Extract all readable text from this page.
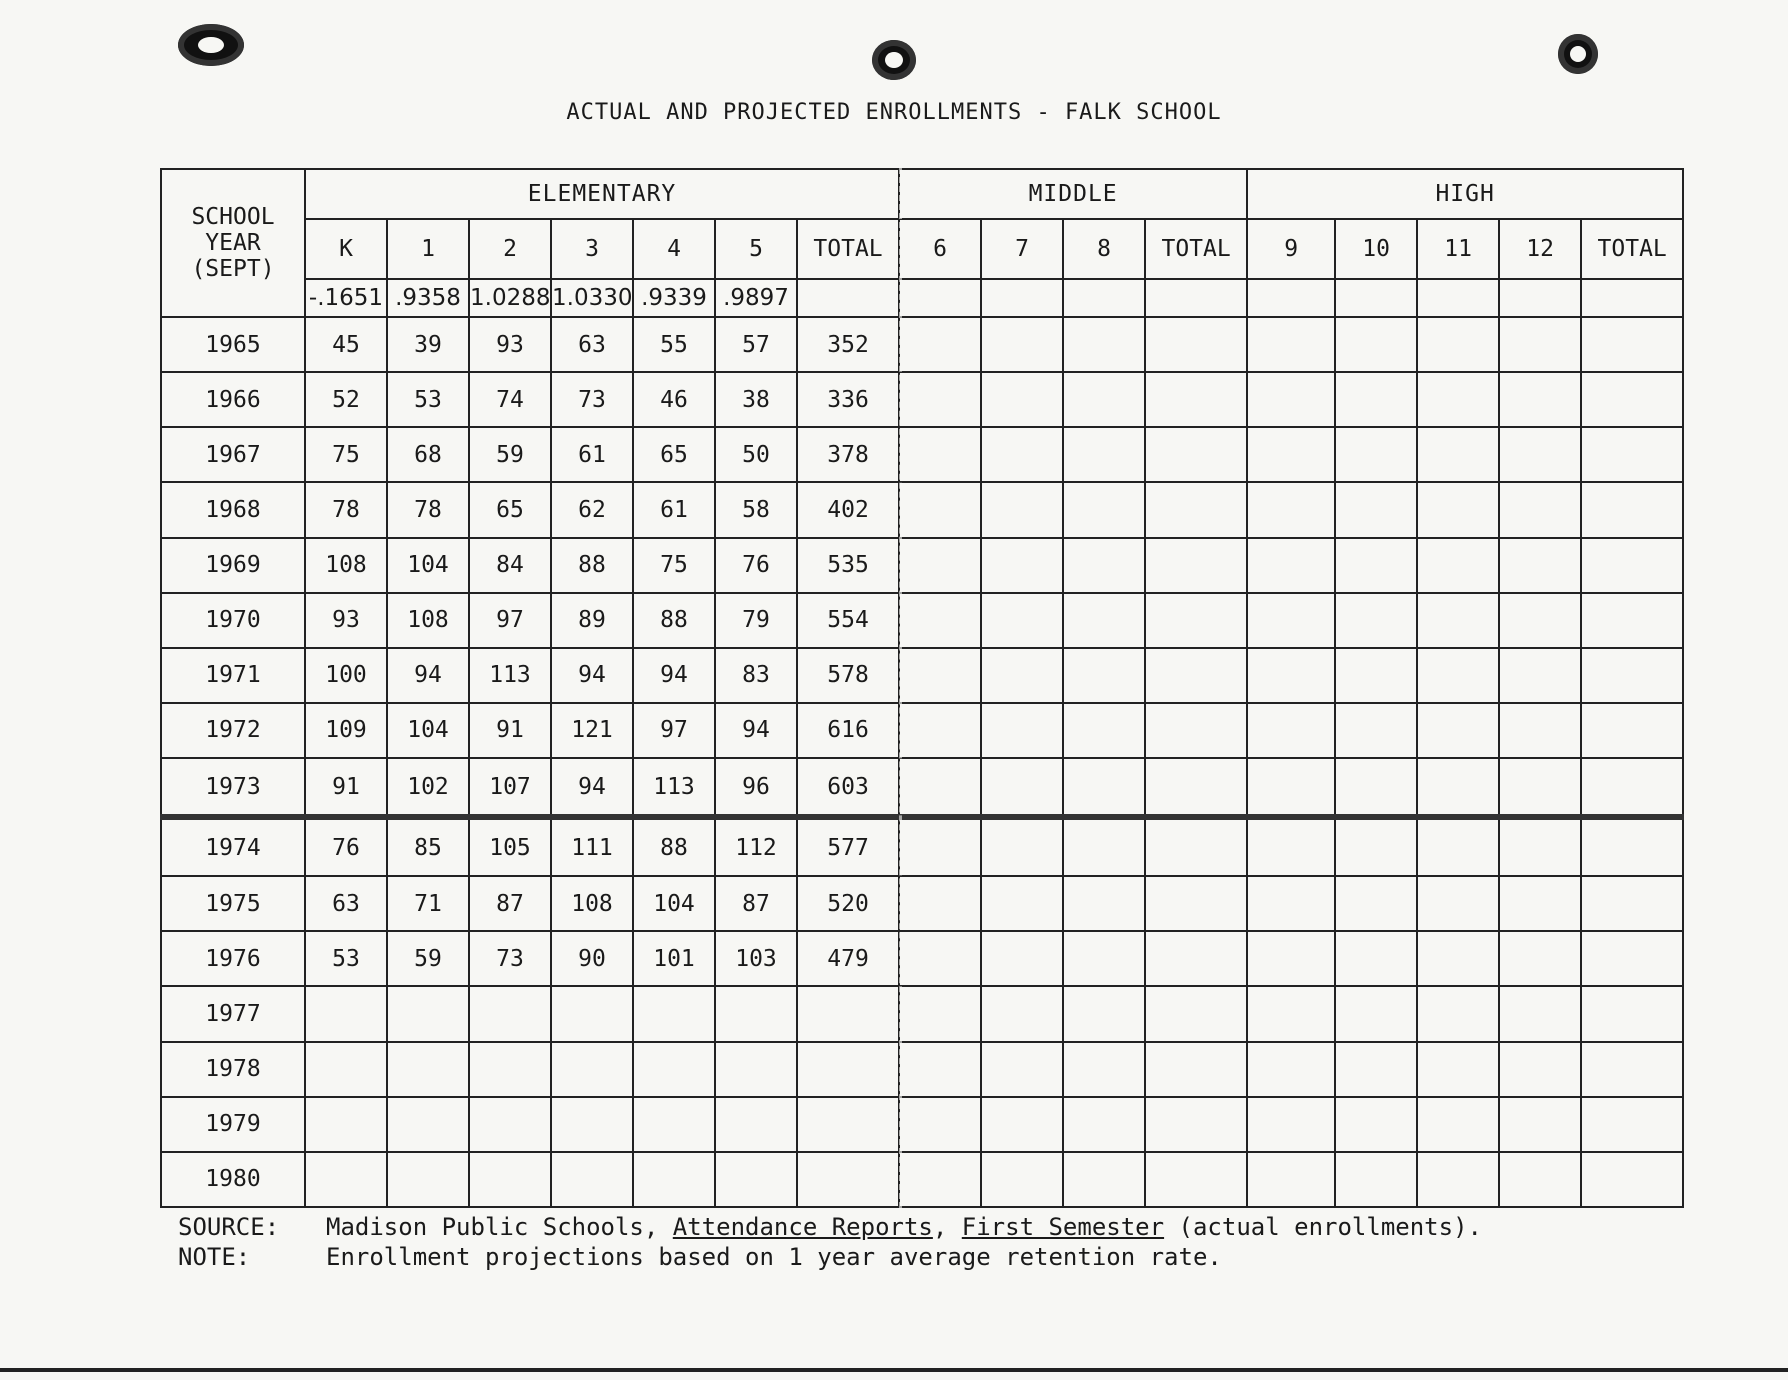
ACTUAL AND PROJECTED ENROLLMENTS - FALK SCHOOL
SCHOOL YEAR (SEPT)	ELEMENTARY							MIDDLE				HIGH				
	K	1	2	3	4	5	TOTAL	6	7	8	TOTAL	9	10	11	12	TOTAL
	-.1651	.9358	1.0288	1.0330	.9339	.9897										
1965	45	39	93	63	55	57	352									
1966	52	53	74	73	46	38	336									
1967	75	68	59	61	65	50	378									
1968	78	78	65	62	61	58	402									
1969	108	104	84	88	75	76	535									
1970	93	108	97	89	88	79	554									
1971	100	94	113	94	94	83	578									
1972	109	104	91	121	97	94	616									
1973	91	102	107	94	113	96	603									
1974	76	85	105	111	88	112	577									
1975	63	71	87	108	104	87	520									
1976	53	59	73	90	101	103	479									
1977																
1978																
1979																
1980																
SOURCE:	Madison Public Schools, Attendance Reports , First Semester (actual enrollments).
NOTE:	Enrollment projections based on 1 year average retention rate.
